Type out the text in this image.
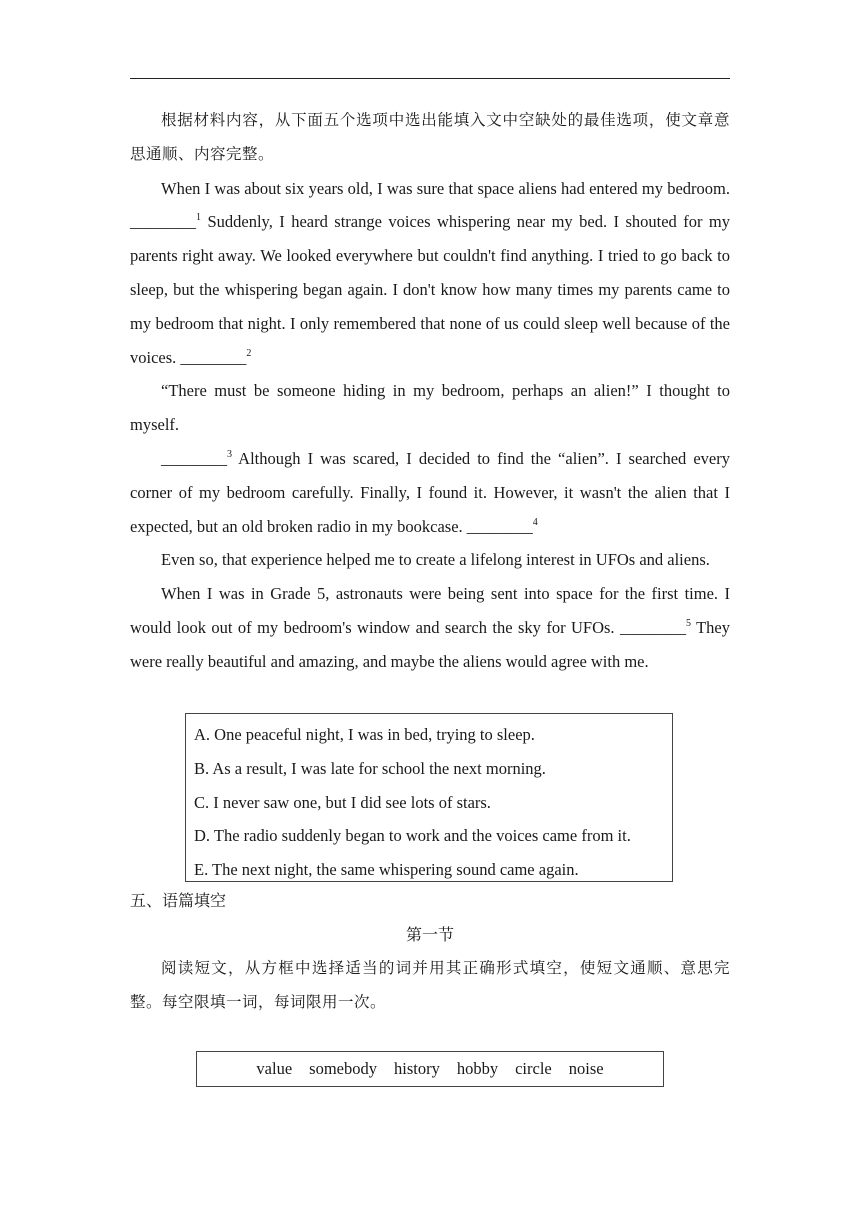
根据材料内容，从下面五个选项中选出能填入文中空缺处的最佳选项，使文章意思通顺、内容完整。

When I was about six years old, I was sure that space aliens had entered my bedroom. ________$^1$ Suddenly, I heard strange voices whispering near my bed. I shouted for my parents right away. We looked everywhere but couldn't find anything. I tried to go back to sleep, but the whispering began again. I don't know how many times my parents came to my bedroom that night. I only remembered that none of us could sleep well because of the voices. ________$^2$

“There must be someone hiding in my bedroom, perhaps an alien!” I thought to myself.

________$^3$ Although I was scared, I decided to find the “alien”. I searched every corner of my bedroom carefully. Finally, I found it. However, it wasn't the alien that I expected, but an old broken radio in my bookcase. ________$^4$

Even so, that experience helped me to create a lifelong interest in UFOs and aliens.

When I was in Grade 5, astronauts were being sent into space for the first time. I would look out of my bedroom's window and search the sky for UFOs. ________$^5$ They were really beautiful and amazing, and maybe the aliens would agree with me.

A. One peaceful night, I was in bed, trying to sleep.

B. As a result, I was late for school the next morning.

C. I never saw one, but I did see lots of stars.

D. The radio suddenly began to work and the voices came from it.

E. The next night, the same whispering sound came again.

五、语篇填空
第一节

阅读短文，从方框中选择适当的词并用其正确形式填空，使短文通顺、意思完整。每空限填一词，每词限用一次。

value somebody history hobby circle noise
